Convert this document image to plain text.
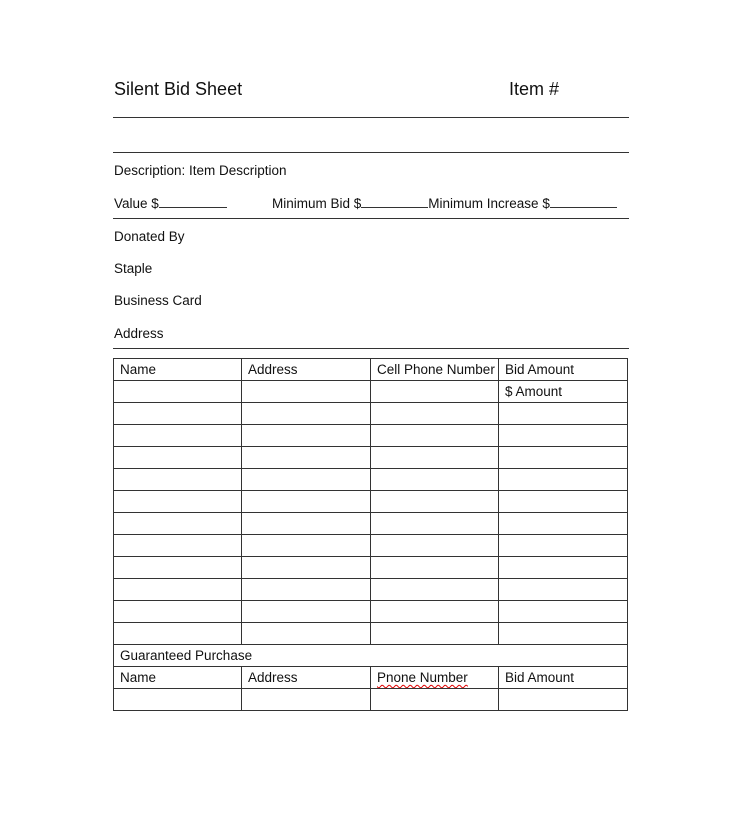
Silent Bid Sheet	Item #
Description: Item Description
Value $	Minimum Bid $	Minimum Increase $
Donated By
Staple
Business Card
Address
Name	Address	Cell Phone Number	Bid Amount
			$ Amount

Guaranteed Purchase			
Name	Address	Pnone Number	Bid Amount
